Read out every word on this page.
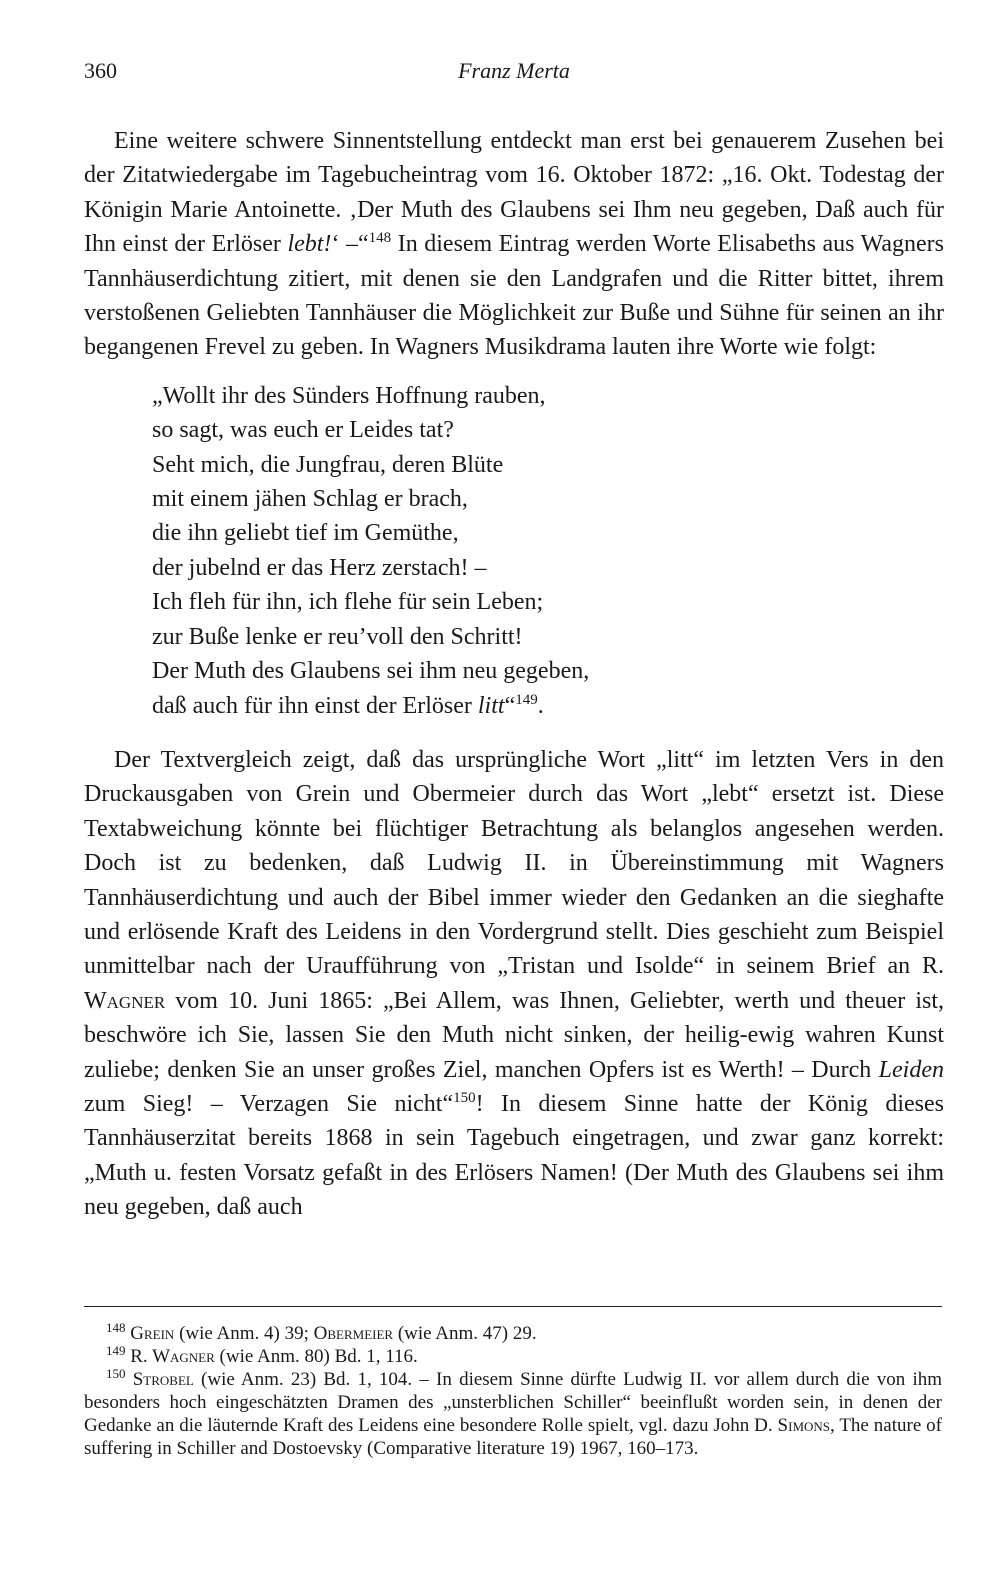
360	Franz Merta

Eine weitere schwere Sinnentstellung entdeckt man erst bei genauerem Zusehen bei der Zitatwiedergabe im Tagebucheintrag vom 16. Oktober 1872: „16. Okt. Todestag der Königin Marie Antoinette. ‚Der Muth des Glaubens sei Ihm neu gegeben, Daß auch für Ihn einst der Erlöser lebt!‘ –“$^{148}$ In diesem Eintrag werden Worte Elisabeths aus Wagners Tannhäuserdichtung zitiert, mit denen sie den Landgrafen und die Ritter bittet, ihrem verstoßenen Geliebten Tannhäuser die Möglichkeit zur Buße und Sühne für seinen an ihr begangenen Frevel zu geben. In Wagners Musikdrama lauten ihre Worte wie folgt:

„Wollt ihr des Sünders Hoffnung rauben,
so sagt, was euch er Leides tat?
Seht mich, die Jungfrau, deren Blüte
mit einem jähen Schlag er brach,
die ihn geliebt tief im Gemüthe,
der jubelnd er das Herz zerstach! –
Ich fleh für ihn, ich flehe für sein Leben;
zur Buße lenke er reu’voll den Schritt!
Der Muth des Glaubens sei ihm neu gegeben,
daß auch für ihn einst der Erlöser litt“$^{149}$.

Der Textvergleich zeigt, daß das ursprüngliche Wort „litt“ im letzten Vers in den Druckausgaben von Grein und Obermeier durch das Wort „lebt“ ersetzt ist. Diese Textabweichung könnte bei flüchtiger Betrachtung als belanglos angesehen werden. Doch ist zu bedenken, daß Ludwig II. in Übereinstimmung mit Wagners Tannhäuserdichtung und auch der Bibel immer wieder den Gedanken an die sieghafte und erlösende Kraft des Leidens in den Vordergrund stellt. Dies geschieht zum Beispiel unmittelbar nach der Uraufführung von „Tristan und Isolde“ in seinem Brief an R. Wagner vom 10. Juni 1865: „Bei Allem, was Ihnen, Geliebter, werth und theuer ist, beschwöre ich Sie, lassen Sie den Muth nicht sinken, der heilig-ewig wahren Kunst zuliebe; denken Sie an unser großes Ziel, manchen Opfers ist es Werth! – Durch Leiden zum Sieg! – Verzagen Sie nicht“$^{150}$! In diesem Sinne hatte der König dieses Tannhäuserzitat bereits 1868 in sein Tagebuch eingetragen, und zwar ganz korrekt: „Muth u. festen Vorsatz gefaßt in des Erlösers Namen! (Der Muth des Glaubens sei ihm neu gegeben, daß auch

$^{148}$ Grein (wie Anm. 4) 39; Obermeier (wie Anm. 47) 29.

$^{149}$ R. Wagner (wie Anm. 80) Bd. 1, 116.

$^{150}$ Strobel (wie Anm. 23) Bd. 1, 104. – In diesem Sinne dürfte Ludwig II. vor allem durch die von ihm besonders hoch eingeschätzten Dramen des „unsterblichen Schiller“ beeinflußt worden sein, in denen der Gedanke an die läuternde Kraft des Leidens eine besondere Rolle spielt, vgl. dazu John D. Simons, The nature of suffering in Schiller and Dostoevsky (Comparative literature 19) 1967, 160–173.
